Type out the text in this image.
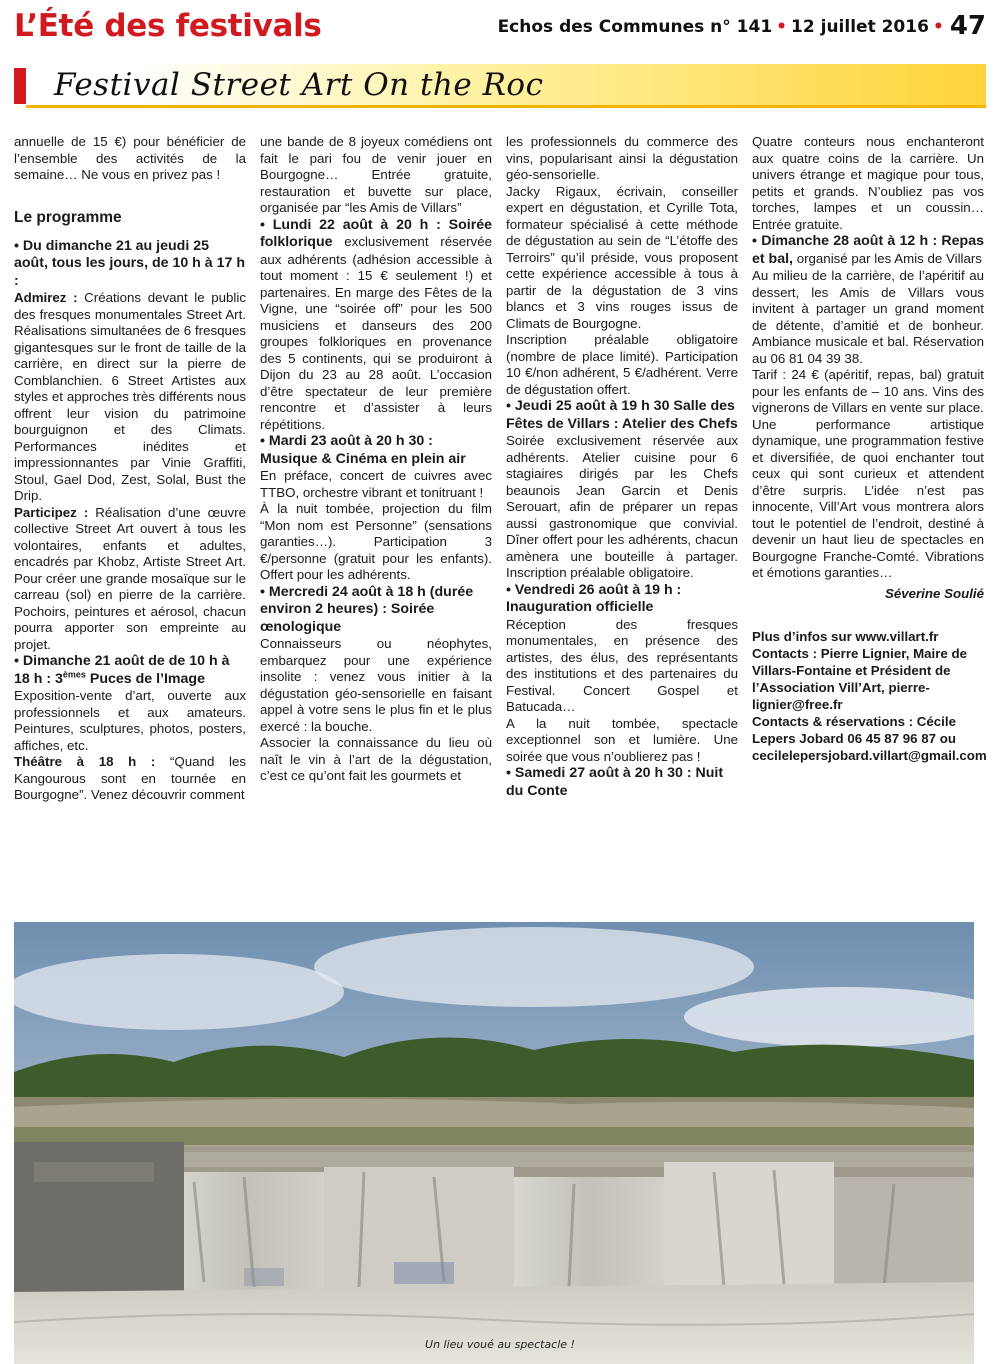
L’Été des festivals	Echos des Communes n° 141 • 12 juillet 2016 • 47
Festival Street Art On the Roc

annuelle de 15 €) pour bénéficier de l’ensemble des activités de la semaine… Ne vous en privez pas !

Le programme

• Du dimanche 21 au jeudi 25 août, tous les jours, de 10 h à 17 h :

Admirez : Créations devant le public des fresques monumentales Street Art. Réalisations simultanées de 6 fresques gigantesques sur le front de taille de la carrière, en direct sur la pierre de Comblanchien. 6 Street Artistes aux styles et approches très différents nous offrent leur vision du patrimoine bourguignon et des Climats. Performances inédites et impressionnantes par Vinie Graffiti, Stoul, Gael Dod, Zest, Solal, Bust the Drip.

Participez : Réalisation d’une œuvre collective Street Art ouvert à tous les volontaires, enfants et adultes, encadrés par Khobz, Artiste Street Art. Pour créer une grande mosaïque sur le carreau (sol) en pierre de la carrière. Pochoirs, peintures et aérosol, chacun pourra apporter son empreinte au projet.

• Dimanche 21 août de de 10 h à 18 h : 3èmes Puces de l’Image

Exposition-vente d’art, ouverte aux professionnels et aux amateurs. Peintures, sculptures, photos, posters, affiches, etc.

Théâtre à 18 h : “Quand les Kangourous sont en tournée en Bourgogne”. Venez découvrir comment

une bande de 8 joyeux comédiens ont fait le pari fou de venir jouer en Bourgogne… Entrée gratuite, restauration et buvette sur place, organisée par “les Amis de Villars”

• Lundi 22 août à 20 h : Soirée folklorique exclusivement réservée aux adhérents (adhésion accessible à tout moment : 15 € seulement !) et partenaires. En marge des Fêtes de la Vigne, une “soirée off” pour les 500 musiciens et danseurs des 200 groupes folkloriques en provenance des 5 continents, qui se produiront à Dijon du 23 au 28 août. L’occasion d’être spectateur de leur première rencontre et d’assister à leurs répétitions.

• Mardi 23 août à 20 h 30 : Musique & Cinéma en plein air

En préface, concert de cuivres avec TTBO, orchestre vibrant et tonitruant !

À la nuit tombée, projection du film “Mon nom est Personne” (sensations garanties…). Participation 3 €/personne (gratuit pour les enfants). Offert pour les adhérents.

• Mercredi 24 août à 18 h (durée environ 2 heures) : Soirée œnologique

Connaisseurs ou néophytes, embarquez pour une expérience insolite : venez vous initier à la dégustation géo-sensorielle en faisant appel à votre sens le plus fin et le plus exercé : la bouche.

Associer la connaissance du lieu où naît le vin à l’art de la dégustation, c’est ce qu’ont fait les gourmets et

les professionnels du commerce des vins, popularisant ainsi la dégustation géo-sensorielle.

Jacky Rigaux, écrivain, conseiller expert en dégustation, et Cyrille Tota, formateur spécialisé à cette méthode de dégustation au sein de “L’étoffe des Terroirs” qu’il préside, vous proposent cette expérience accessible à tous à partir de la dégustation de 3 vins blancs et 3 vins rouges issus de Climats de Bourgogne.

Inscription préalable obligatoire (nombre de place limité). Participation 10 €/non adhérent, 5 €/adhérent. Verre de dégustation offert.

• Jeudi 25 août à 19 h 30 Salle des Fêtes de Villars : Atelier des Chefs

Soirée exclusivement réservée aux adhérents. Atelier cuisine pour 6 stagiaires dirigés par les Chefs beaunois Jean Garcin et Denis Serouart, afin de préparer un repas aussi gastronomique que convivial. Dîner offert pour les adhérents, chacun amènera une bouteille à partager. Inscription préalable obligatoire.

• Vendredi 26 août à 19 h : Inauguration officielle

Réception des fresques monumentales, en présence des artistes, des élus, des représentants des institutions et des partenaires du Festival. Concert Gospel et Batucada…

A la nuit tombée, spectacle exceptionnel son et lumière. Une soirée que vous n’oublierez pas !

• Samedi 27 août à 20 h 30 : Nuit du Conte

Quatre conteurs nous enchanteront aux quatre coins de la carrière. Un univers étrange et magique pour tous, petits et grands. N’oubliez pas vos torches, lampes et un coussin… Entrée gratuite.

• Dimanche 28 août à 12 h : Repas et bal, organisé par les Amis de Villars

Au milieu de la carrière, de l’apéritif au dessert, les Amis de Villars vous invitent à partager un grand moment de détente, d’amitié et de bonheur. Ambiance musicale et bal. Réservation au 06 81 04 39 38.

Tarif : 24 € (apéritif, repas, bal) gratuit pour les enfants de – 10 ans. Vins des vignerons de Villars en vente sur place.

Une performance artistique dynamique, une programmation festive et diversifiée, de quoi enchanter tout ceux qui sont curieux et attendent d’être surpris. L’idée n’est pas innocente, Vill’Art vous montrera alors tout le potentiel de l’endroit, destiné à devenir un haut lieu de spectacles en Bourgogne Franche-Comté. Vibrations et émotions garanties…

Séverine Soulié

Plus d’infos sur www.villart.fr

Contacts : Pierre Lignier, Maire de Villars-Fontaine et Président de l’Association Vill’Art, pierre-lignier@free.fr

Contacts & réservations : Cécile Lepers Jobard 06 45 87 96 87 ou cecilelepersjobard.villart@gmail.com

Un lieu voué au spectacle !
